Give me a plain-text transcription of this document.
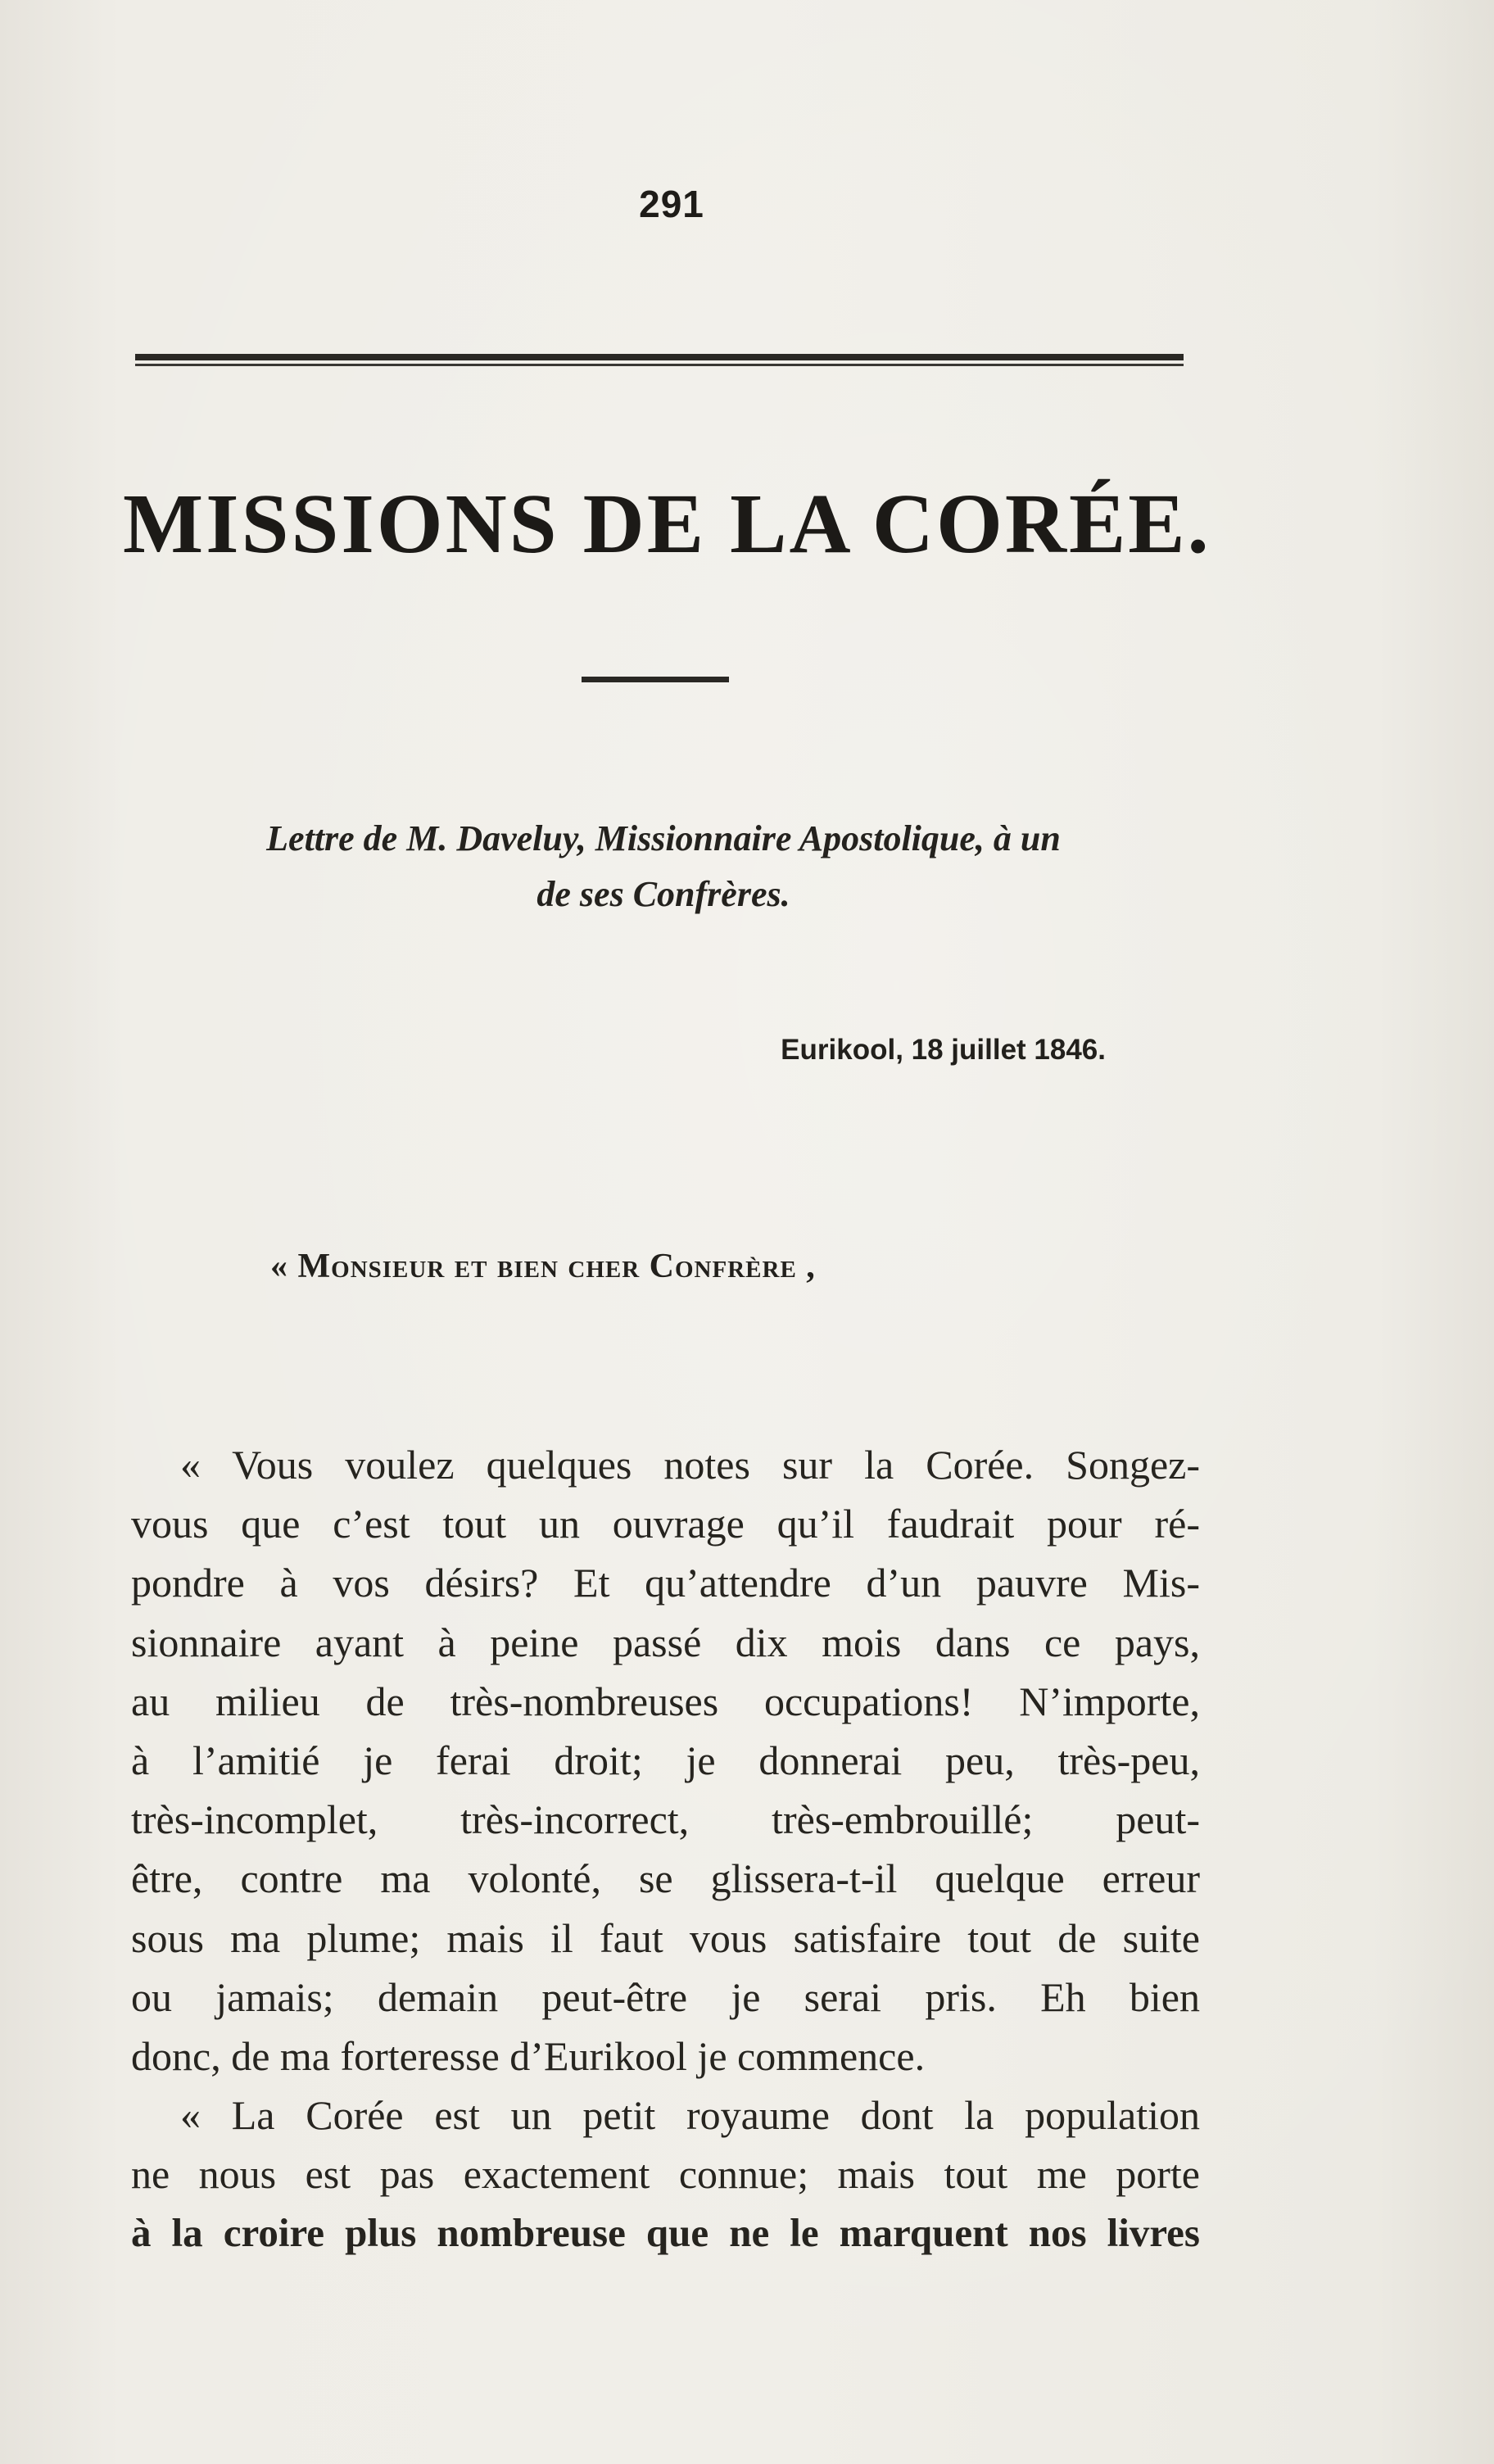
291
MISSIONS DE LA CORÉE.
Lettre de M. Daveluy, Missionnaire Apostolique, à un
de ses Confrères.
Eurikool, 18 juillet 1846.
« Monsieur et bien cher Confrère ,
« Vous voulez quelques notes sur la Corée. Songez-
vous que c’est tout un ouvrage qu’il faudrait pour ré-
pondre à vos désirs? Et qu’attendre d’un pauvre Mis-
sionnaire ayant à peine passé dix mois dans ce pays,
au milieu de très-nombreuses occupations! N’importe,
à l’amitié je ferai droit; je donnerai peu, très-peu,
très-incomplet, très-incorrect, très-embrouillé; peut-
être, contre ma volonté, se glissera-t-il quelque erreur
sous ma plume; mais il faut vous satisfaire tout de suite
ou jamais; demain peut-être je serai pris. Eh bien
donc, de ma forteresse d’Eurikool je commence.
« La Corée est un petit royaume dont la population
ne nous est pas exactement connue; mais tout me porte
à la croire plus nombreuse que ne le marquent nos livres
